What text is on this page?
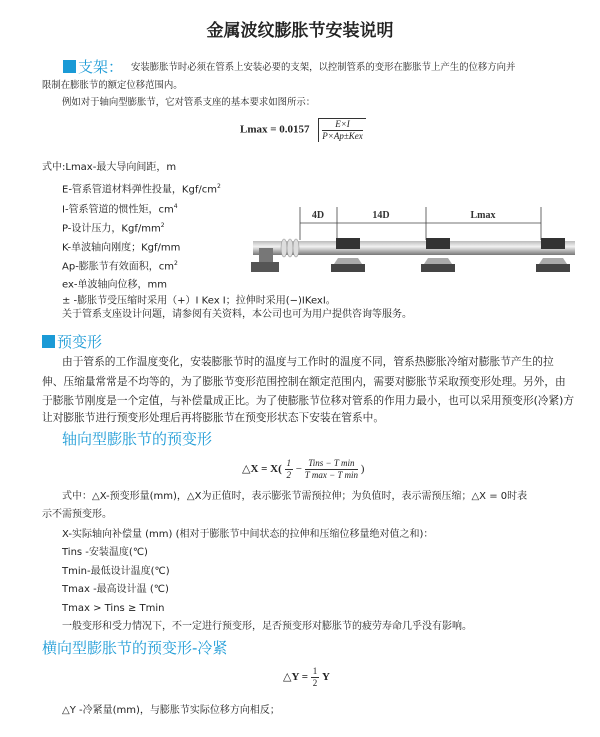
金属波纹膨胀节安装说明
支架： 安装膨胀节时必须在管系上安装必要的支架，以控制管系的变形在膨胀节上产生的位移方向并
限制在膨胀节的额定位移范围内。
例如对于轴向型膨胀节，它对管系支座的基本要求如图所示：
$Lmax = 0.0157 \frac{E\times I}{\text{P×Ap±Kex}}$
式中:Lmax-最大导向间距，m
E-管系管道材料弹性投量，Kgf/$cm^2$
I-管系管道的惯性矩，$cm^4$
P-设计压力，Kgf/$mm^2$
K-单波轴向刚度；Kgf/mm
Ap-膨胀节有效面积，$cm^2$
ex-单波轴向位移，mm
± -膨胀节受压缩时采用（+）I Kex I；拉伸时采用(−)IKexI。
关于管系支座设计问题，请参阅有关资料，本公司也可为用户提供咨询等服务。
4D	14D	Lmax
预变形
由于管系的工作温度变化，安装膨胀节时的温度与工作时的温度不同，管系热膨胀冷缩对膨胀节产生的拉
伸、压缩量常常是不均等的，为了膨胀节变形范围控制在额定范围内，需要对膨胀节采取预变形处理。另外，由
于膨胀节刚度是一个定值，与补偿量成正比。为了使膨胀节位移对管系的作用力最小，也可以采用预变形(冷紧)方
让对膨胀节进行预变形处理后再将膨胀节在预变形状态下安装在管系中。
轴向型膨胀节的预变形
△X = $X( \frac{1}{2} - \frac{\text{Tins − T min}}{\text{T max − T min}}$ )
式中：△X-预变形量(mm)，△X为正值时，表示膨张节需预拉伸；为负值时，表示需预压缩；△X = 0时表
示不需预变形。
X-实际轴向补偿量 (mm) (相对于膨胀节中间状态的拉伸和压缩位移量绝对值之和)：
Tins -安装温度(℃)
Tmin-最低设计温度(℃)
Tmax -最高设计温 (℃)
Tmax > Tins ≥ Tmin
一般变形和受力情况下，不一定进行预变形，足否预变形对膨胀节的疲劳寿命几乎没有影响。
横向型膨胀节的预变形-冷紧
△Y = $\frac{1}{2}$ Y
△Y -冷紧量(mm)，与膨胀节实际位移方向相反；
